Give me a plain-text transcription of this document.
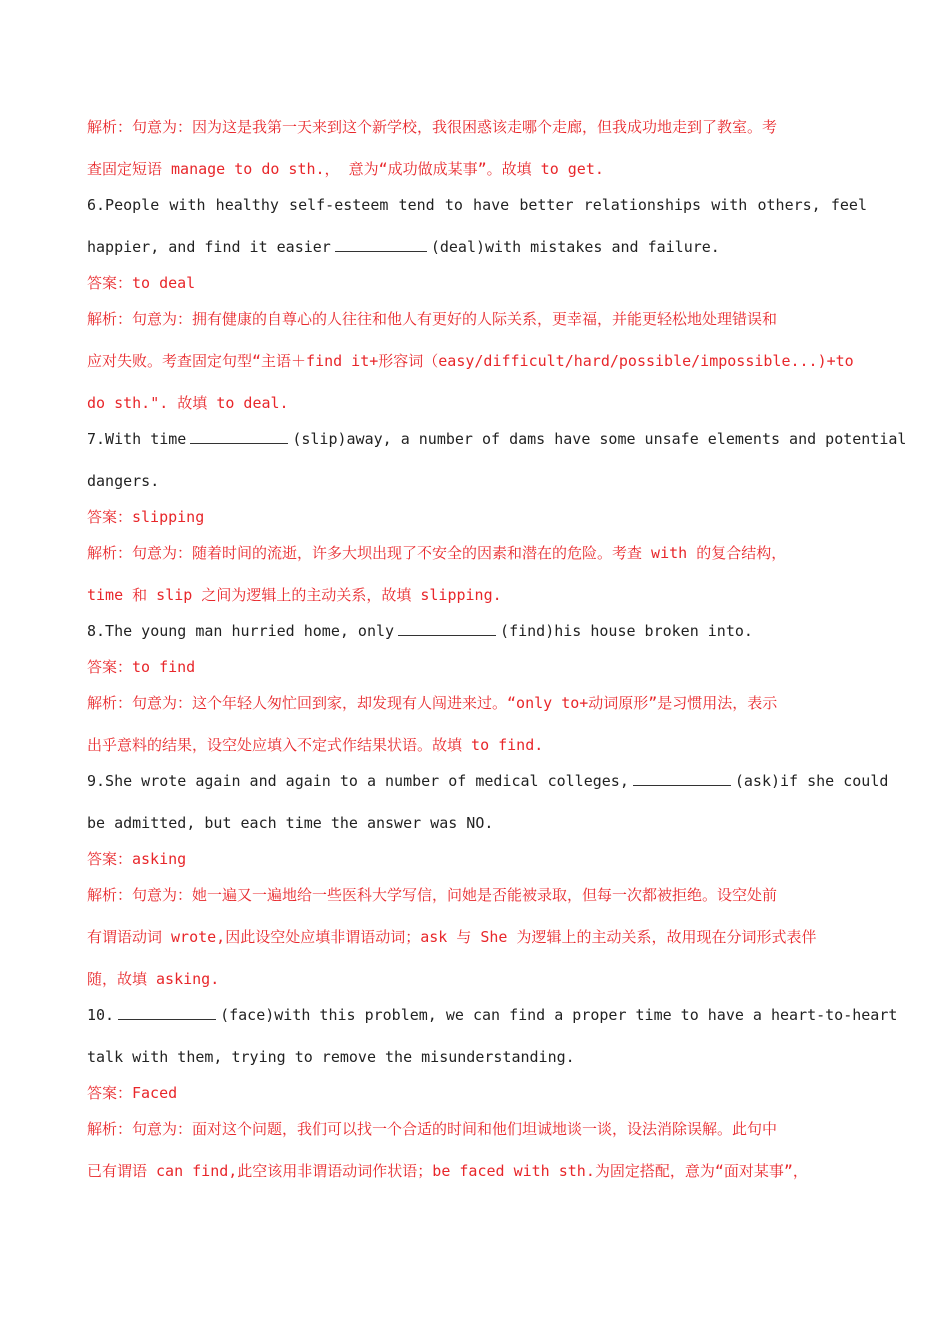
解析：句意为：因为这是我第一天来到这个新学校，我很困惑该走哪个走廊，但我成功地走到了教室。考
查固定短语 manage to do sth.， 意为“成功做成某事”。故填 to get.
6.People with healthy self-esteem tend to have better relationships with others, feel
happier, and find it easier	(deal)with mistakes and failure.
答案：to deal
解析：句意为：拥有健康的自尊心的人往往和他人有更好的人际关系，更幸福，并能更轻松地处理错误和
应对失败。考查固定句型“主语＋find it+形容词（easy/difficult/hard/possible/impossible...)+to
do sth.". 故填 to deal.
7.With time	(slip)away, a number of dams have some unsafe elements and potential
dangers.
答案：slipping
解析：句意为：随着时间的流逝，许多大坝出现了不安全的因素和潜在的危险。考查 with 的复合结构，
time 和 slip 之间为逻辑上的主动关系，故填 slipping.
8.The young man hurried home, only	(find)his house broken into.
答案：to find
解析：句意为：这个年轻人匆忙回到家，却发现有人闯进来过。“only to+动词原形”是习惯用法，表示
出乎意料的结果，设空处应填入不定式作结果状语。故填 to find.
9.She wrote again and again to a number of medical colleges,	(ask)if she could
be admitted, but each time the answer was NO.
答案：asking
解析：句意为：她一遍又一遍地给一些医科大学写信，问她是否能被录取，但每一次都被拒绝。设空处前
有谓语动词 wrote,因此设空处应填非谓语动词；ask 与 She 为逻辑上的主动关系，故用现在分词形式表伴
随，故填 asking.
10.	(face)with this problem, we can find a proper time to have a heart-to-heart
talk with them, trying to remove the misunderstanding.
答案：Faced
解析：句意为：面对这个问题，我们可以找一个合适的时间和他们坦诚地谈一谈，设法消除误解。此句中
已有谓语 can find,此空该用非谓语动词作状语；be faced with sth.为固定搭配，意为“面对某事”，
